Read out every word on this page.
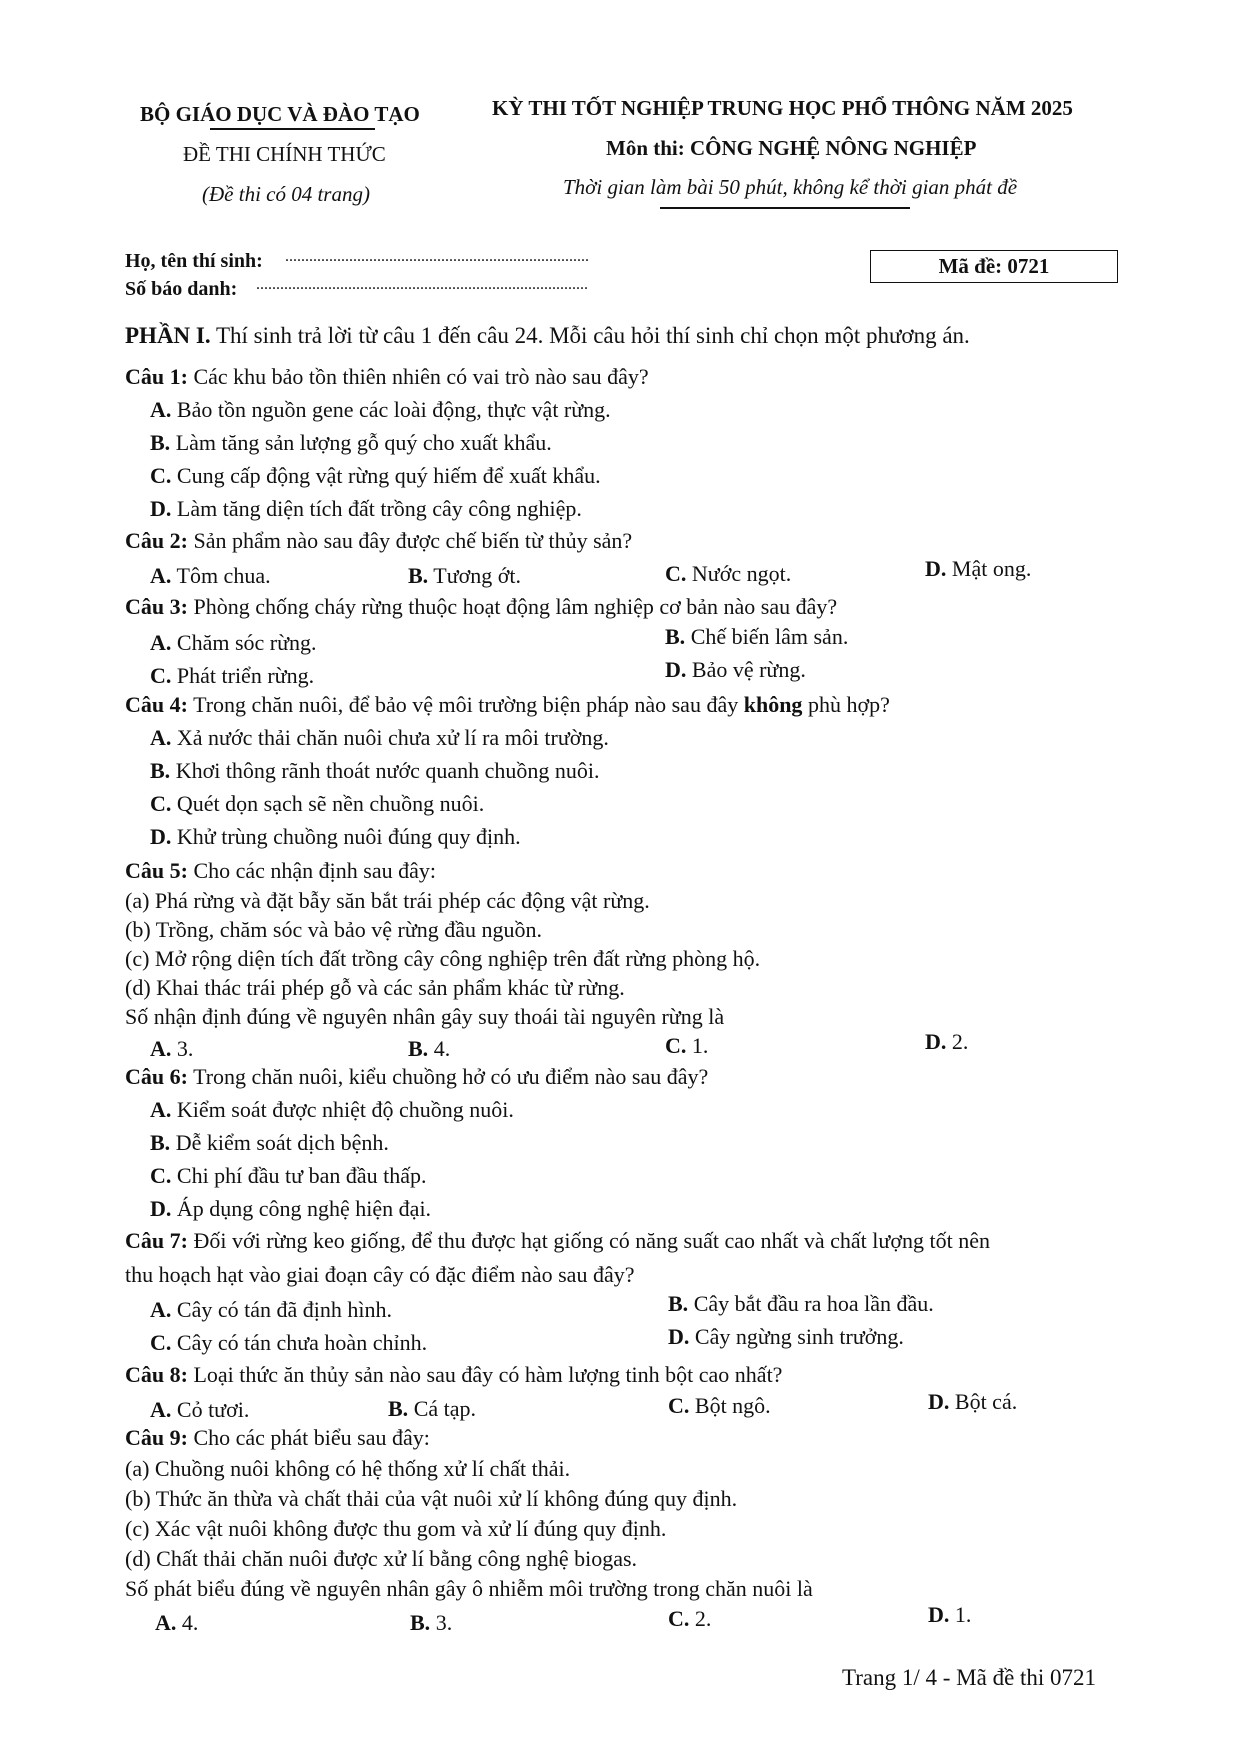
BỘ GIÁO DỤC VÀ ĐÀO TẠO
ĐỀ THI CHÍNH THỨC
(Đề thi có 04 trang)
KỲ THI TỐT NGHIỆP TRUNG HỌC PHỔ THÔNG NĂM 2025
Môn thi: CÔNG NGHỆ NÔNG NGHIỆP
Thời gian làm bài 50 phút, không kể thời gian phát đề
Họ, tên thí sinh: ............................................................................
Số báo danh: ...................................................................................
Mã đề: 0721
PHẦN I. Thí sinh trả lời từ câu 1 đến câu 24. Mỗi câu hỏi thí sinh chỉ chọn một phương án.
Câu 1: Các khu bảo tồn thiên nhiên có vai trò nào sau đây?
A. Bảo tồn nguồn gene các loài động, thực vật rừng.
B. Làm tăng sản lượng gỗ quý cho xuất khẩu.
C. Cung cấp động vật rừng quý hiếm để xuất khẩu.
D. Làm tăng diện tích đất trồng cây công nghiệp.
Câu 2: Sản phẩm nào sau đây được chế biến từ thủy sản?
A. Tôm chua.	B. Tương ớt.	C. Nước ngọt.	D. Mật ong.
Câu 3: Phòng chống cháy rừng thuộc hoạt động lâm nghiệp cơ bản nào sau đây?
A. Chăm sóc rừng.	B. Chế biến lâm sản.
C. Phát triển rừng.	D. Bảo vệ rừng.
Câu 4: Trong chăn nuôi, để bảo vệ môi trường biện pháp nào sau đây không phù hợp?
A. Xả nước thải chăn nuôi chưa xử lí ra môi trường.
B. Khơi thông rãnh thoát nước quanh chuồng nuôi.
C. Quét dọn sạch sẽ nền chuồng nuôi.
D. Khử trùng chuồng nuôi đúng quy định.
Câu 5: Cho các nhận định sau đây:
(a) Phá rừng và đặt bẫy săn bắt trái phép các động vật rừng.
(b) Trồng, chăm sóc và bảo vệ rừng đầu nguồn.
(c) Mở rộng diện tích đất trồng cây công nghiệp trên đất rừng phòng hộ.
(d) Khai thác trái phép gỗ và các sản phẩm khác từ rừng.
Số nhận định đúng về nguyên nhân gây suy thoái tài nguyên rừng là
A. 3.	B. 4.	C. 1.	D. 2.
Câu 6: Trong chăn nuôi, kiểu chuồng hở có ưu điểm nào sau đây?
A. Kiểm soát được nhiệt độ chuồng nuôi.
B. Dễ kiểm soát dịch bệnh.
C. Chi phí đầu tư ban đầu thấp.
D. Áp dụng công nghệ hiện đại.
Câu 7: Đối với rừng keo giống, để thu được hạt giống có năng suất cao nhất và chất lượng tốt nên
thu hoạch hạt vào giai đoạn cây có đặc điểm nào sau đây?
A. Cây có tán đã định hình.	B. Cây bắt đầu ra hoa lần đầu.
C. Cây có tán chưa hoàn chỉnh.	D. Cây ngừng sinh trưởng.
Câu 8: Loại thức ăn thủy sản nào sau đây có hàm lượng tinh bột cao nhất?
A. Cỏ tươi.	B. Cá tạp.	C. Bột ngô.	D. Bột cá.
Câu 9: Cho các phát biểu sau đây:
(a) Chuồng nuôi không có hệ thống xử lí chất thải.
(b) Thức ăn thừa và chất thải của vật nuôi xử lí không đúng quy định.
(c) Xác vật nuôi không được thu gom và xử lí đúng quy định.
(d) Chất thải chăn nuôi được xử lí bằng công nghệ biogas.
Số phát biểu đúng về nguyên nhân gây ô nhiễm môi trường trong chăn nuôi là
A. 4.	B. 3.	C. 2.	D. 1.
Trang 1/ 4 - Mã đề thi 0721
